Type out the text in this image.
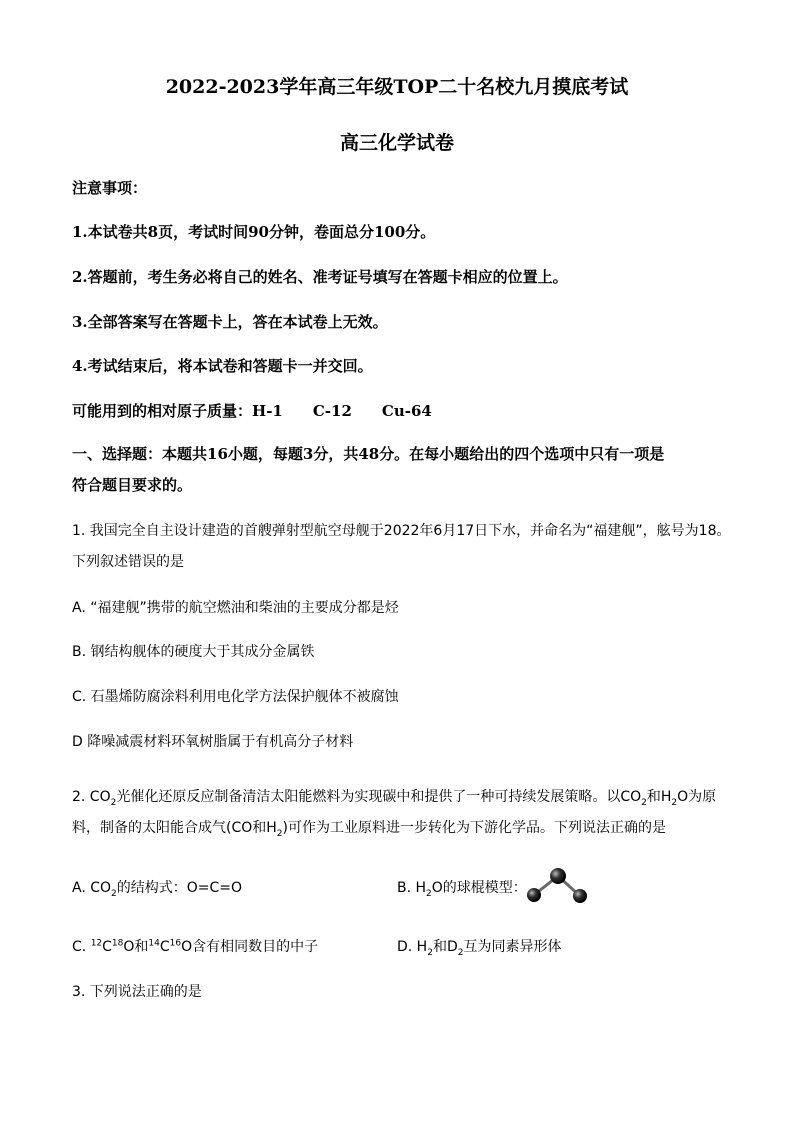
2022-2023学年高三年级TOP二十名校九月摸底考试
高三化学试卷
注意事项：
1.本试卷共8页，考试时间90分钟，卷面总分100分。
2.答题前，考生务必将自己的姓名、准考证号填写在答题卡相应的位置上。
3.全部答案写在答题卡上，答在本试卷上无效。
4.考试结束后，将本试卷和答题卡一并交回。
可能用到的相对原子质量：H-1 C-12 Cu-64
一、选择题：本题共16小题，每题3分，共48分。在每小题给出的四个选项中只有一项是
符合题目要求的。
1. 我国完全自主设计建造的首艘弹射型航空母舰于2022年6月17日下水，并命名为“福建舰”，舷号为18。
下列叙述错误的是
A. “福建舰”携带的航空燃油和柴油的主要成分都是烃
B. 钢结构舰体的硬度大于其成分金属铁
C. 石墨烯防腐涂料利用电化学方法保护舰体不被腐蚀
D 降噪减震材料环氧树脂属于有机高分子材料
2. $CO_2$光催化还原反应制备清洁太阳能燃料为实现碳中和提供了一种可持续发展策略。以$CO_2$和$H_2O$为原
料，制备的太阳能合成气(CO和$H_2$)可作为工业原料进一步转化为下游化学品。下列说法正确的是
A. $CO_2$的结构式：O=C=O	B. $H_2O$的球棍模型：
C. $^{12}C^{18}O$和$^{14}C^{16}O$含有相同数目的中子	D. $H_2$和$D_2$互为同素异形体
3. 下列说法正确的是
